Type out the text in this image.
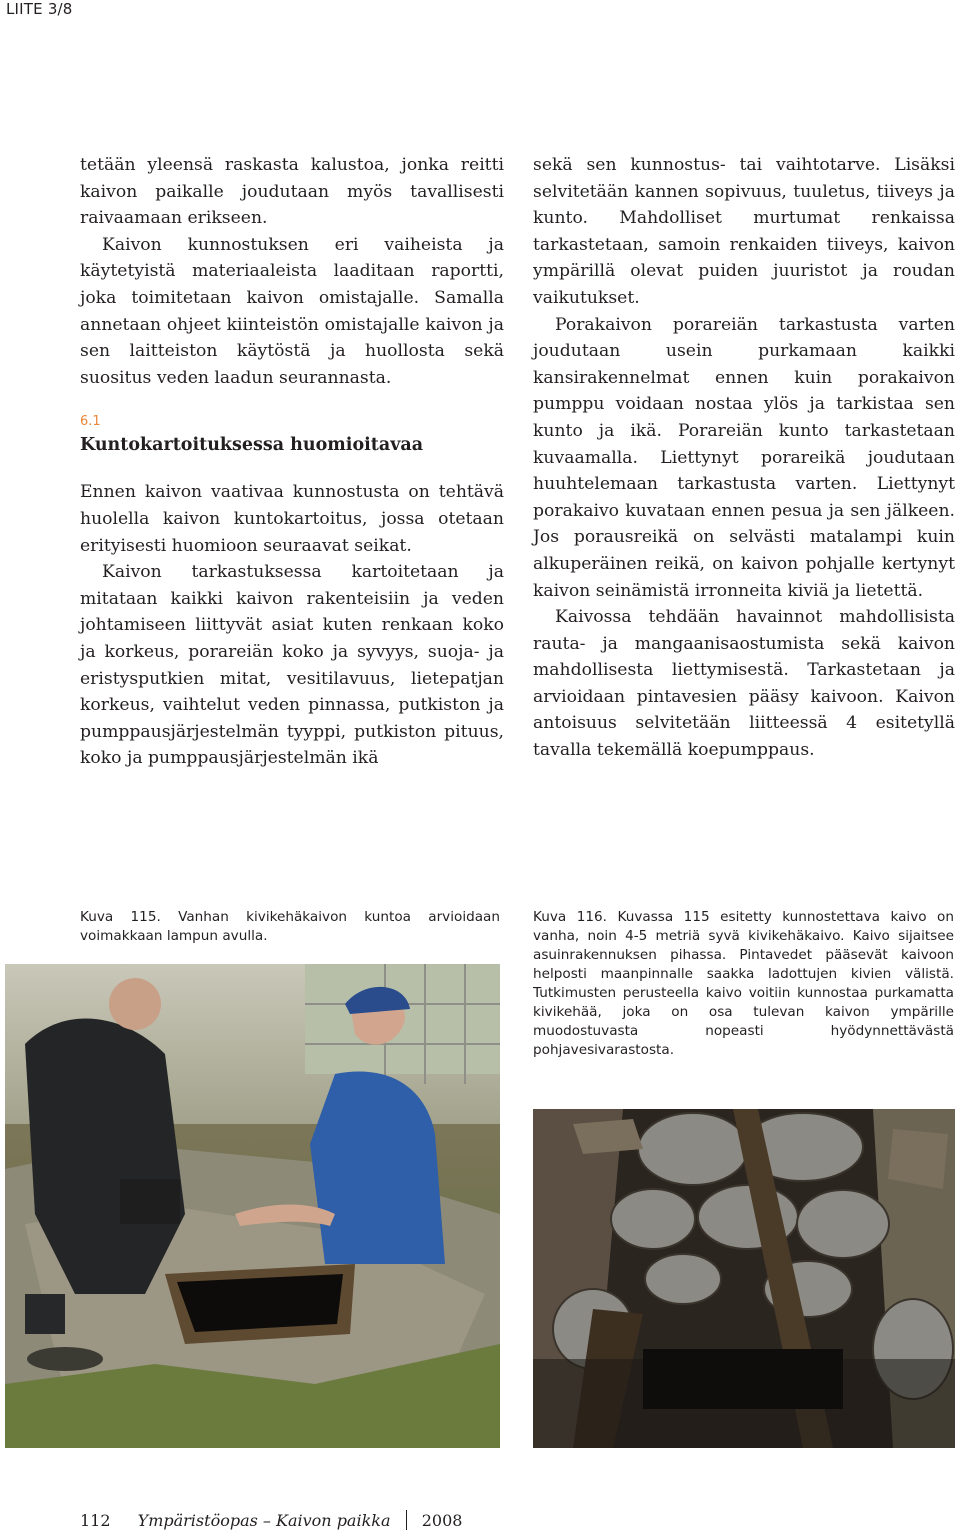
LIITE 3/8

tetään yleensä raskasta kalustoa, jonka reitti kaivon paikalle joudutaan myös tavallisesti raivaamaan erikseen.

Kaivon kunnostuksen eri vaiheista ja käytetyistä materiaaleista laaditaan raportti, joka toimitetaan kaivon omistajalle. Samalla annetaan ohjeet kiinteistön omistajalle kaivon ja sen laitteiston käytöstä ja huollosta sekä suositus veden laadun seurannasta.

6.1
Kuntokartoituksessa huomioitavaa

Ennen kaivon vaativaa kunnostusta on tehtävä huolella kaivon kuntokartoitus, jossa otetaan erityisesti huomioon seuraavat seikat.

Kaivon tarkastuksessa kartoitetaan ja mitataan kaikki kaivon rakenteisiin ja veden johtamiseen liittyvät asiat kuten renkaan koko ja korkeus, porareiän koko ja syvyys, suoja- ja eristysputkien mitat, vesitilavuus, lietepatjan korkeus, vaihtelut veden pinnassa, putkiston ja pumppausjärjestelmän tyyppi, putkiston pituus, koko ja pumppausjärjestelmän ikä

sekä sen kunnostus- tai vaihtotarve. Lisäksi selvitetään kannen sopivuus, tuuletus, tiiveys ja kunto. Mahdolliset murtumat renkaissa tarkastetaan, samoin renkaiden tiiveys, kaivon ympärillä olevat puiden juuristot ja roudan vaikutukset.

Porakaivon porareiän tarkastusta varten joudutaan usein purkamaan kaikki kansirakennelmat ennen kuin porakaivon pumppu voidaan nostaa ylös ja tarkistaa sen kunto ja ikä. Porareiän kunto tarkastetaan kuvaamalla. Liettynyt porareikä joudutaan huuhtelemaan tarkastusta varten. Liettynyt porakaivo kuvataan ennen pesua ja sen jälkeen. Jos porausreikä on selvästi matalampi kuin alkuperäinen reikä, on kaivon pohjalle kertynyt kaivon seinämistä irronneita kiviä ja lietettä.

Kaivossa tehdään havainnot mahdollisista rauta- ja mangaanisaostumista sekä kaivon mahdollisesta liettymisestä. Tarkastetaan ja arvioidaan pintavesien pääsy kaivoon. Kaivon antoisuus selvitetään liitteessä 4 esitetyllä tavalla tekemällä koepumppaus.

Kuva 115. Vanhan kivikehäkaivon kuntoa arvioidaan voimakkaan lampun avulla.
Kuva 116. Kuvassa 115 esitetty kunnostettava kaivo on vanha, noin 4-5 metriä syvä kivikehäkaivo. Kaivo sijaitsee asuinrakennuksen pihassa. Pintavedet pääsevät kaivoon helposti maanpinnalle saakka ladottujen kivien välistä. Tutkimusten perusteella kaivo voitiin kunnostaa purkamatta kivikehää, joka on osa tulevan kaivon ympärille muodostuvasta nopeasti hyödynnettävästä pohjavesivarastosta.
112 Ympäristöopas – Kaivon paikka 2008
